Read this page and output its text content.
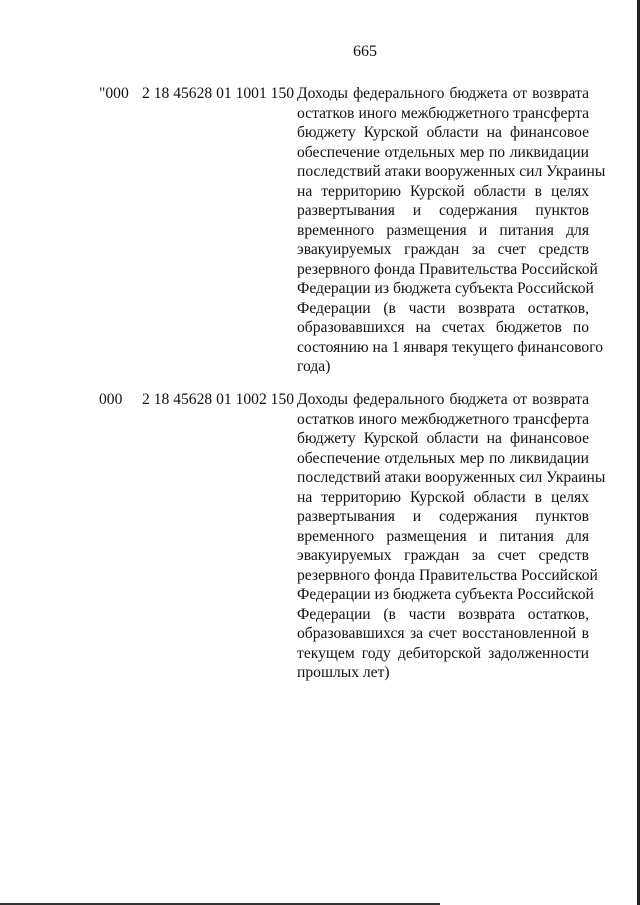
665
"000 2 18 45628 01 1001 150 Доходы федерального бюджета от возврата
остатков иного межбюджетного трансферта
бюджету Курской области на финансовое
обеспечение отдельных мер по ликвидации
последствий атаки вооруженных сил Украины
на территорию Курской области в целях
развертывания и содержания пунктов
временного размещения и питания для
эвакуируемых граждан за счет средств
резервного фонда Правительства Российской
Федерации из бюджета субъекта Российской
Федерации (в части возврата остатков,
образовавшихся на счетах бюджетов по
состоянию на 1 января текущего финансового
года)
000 2 18 45628 01 1002 150 Доходы федерального бюджета от возврата
остатков иного межбюджетного трансферта
бюджету Курской области на финансовое
обеспечение отдельных мер по ликвидации
последствий атаки вооруженных сил Украины
на территорию Курской области в целях
развертывания и содержания пунктов
временного размещения и питания для
эвакуируемых граждан за счет средств
резервного фонда Правительства Российской
Федерации из бюджета субъекта Российской
Федерации (в части возврата остатков,
образовавшихся за счет восстановленной в
текущем году дебиторской задолженности
прошлых лет)
